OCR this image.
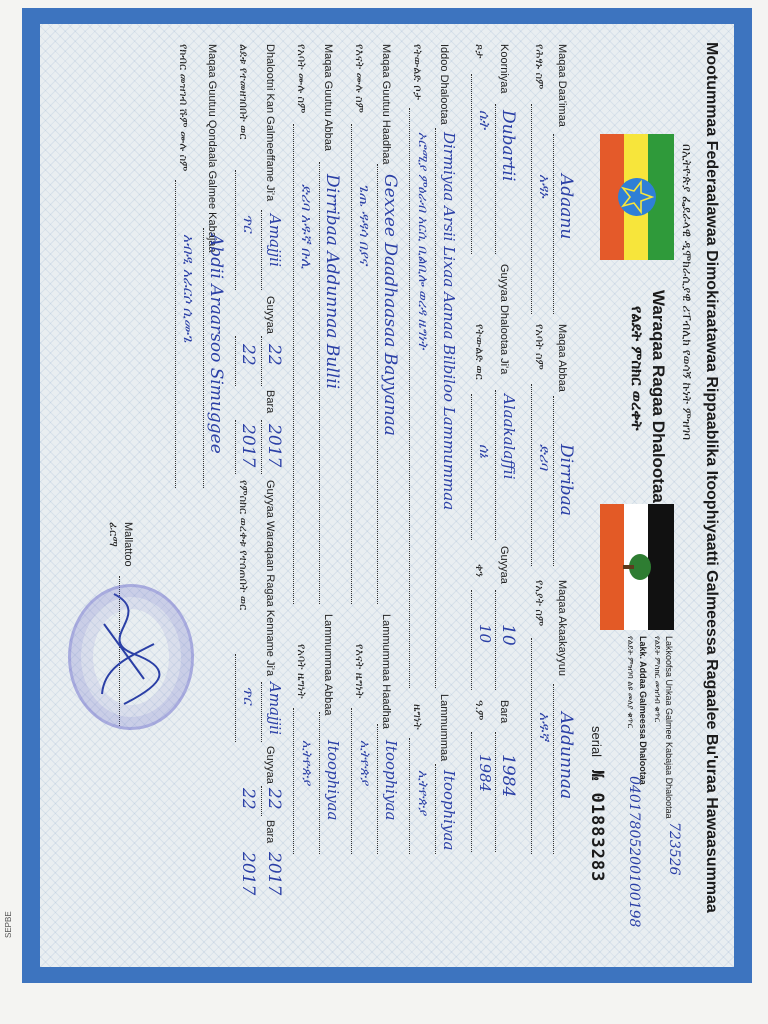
Mootummaa Federaalawaa Dimokiraatawaa Rippaablika Itoophiyaatti Galmeessa Ragaalee Bu'uraa Hawaasummaa
በኢትዮጵያ ፌደራላዊ ዲሞክራሲያዊ ሪፐብሊክ የወሳኝ ኩነት ምዝገባ
Waraqaa Ragaa Dhalootaa
የልደት ምስክር ወረቀት
Lakkoofsa Unkaa Galmee Kabajaa Dhalootaa
723526
የልደት ምስክር መዝገብ ቁጥር
Lakk. Addaa Galmeessa Dhalootaa
የልደት ምዝገባ ልዩ መለያ ቁጥር
04017805200100198
serial
№ 01883283
Maqaa Daa'imaa
Adaanu
Maqaa Abbaa
Dirribaa
Maqaa Akaakayyuu
Addunnaa
የሕፃኑ ስም
አዳኑ
የአባት ስም
ድሪባ
የአያት ስም
አዱኛ
Koorniyaa
Dubartii
Guyyaa Dhalootaa Ji'a
Alaakalaffii
Guyyaa
10
Bara
1984
ጾታ
ሴት
የትውልድ ወር
ሰኔ
ቀን
10
ዓ.ም
1984
Iddoo Dhalootaa
Dirmiyaa Arsii Lixaa Aanaa Bilbiloo Lammummaa
Lammummaa
Itoophiyaa
የትውልድ ቦታ
ኦሮሚያ ምዕራብ አርሲ ቢልቢሎ ወረዳ ዜግነት
ዜግነት
ኢትዮጵያ
Maqaa Guutuu Haadhaa
Gexxee Daadhaasaa Bayyanaa
Lammummaa Haadhaa
Itoophiyaa
የእናት ሙሉ ስም
ጌጤ ዳዳሳ በያና
የእናት ዜግነት
ኢትዮጵያ
Maqaa Guutuu Abbaa
Dirribaa Addunnaa Bullii
Lammummaa Abbaa
Itoophiyaa
የአባት ሙሉ ስም
ድሪባ አዱኛ ቡሊ
የአባት ዜግነት
ኢትዮጵያ
Dhalootni Kan Galmeeffame Ji'a
Amajjii
Guyyaa
22
Bara
2017
Guyyaa Waraqaan Ragaa Kenname Ji'a
Amajjii
Guyyaa
22
Bara
2017
ልደቱ የተመዘገበበት ወር
ጥር
22
2017
የምስክር ወረቀቱ የተሰጠበት ወር
ጥር
22
2017
Maqaa Guutuu Qondaala Galmee Kabajaa
Abdii Araarsoo Simuggee
የክብር መዝገብ ሹም ሙሉ ስም
አብዲ አራርሶ ሲሙጌ
Mallattoo
ፊርማ
SEPBE
